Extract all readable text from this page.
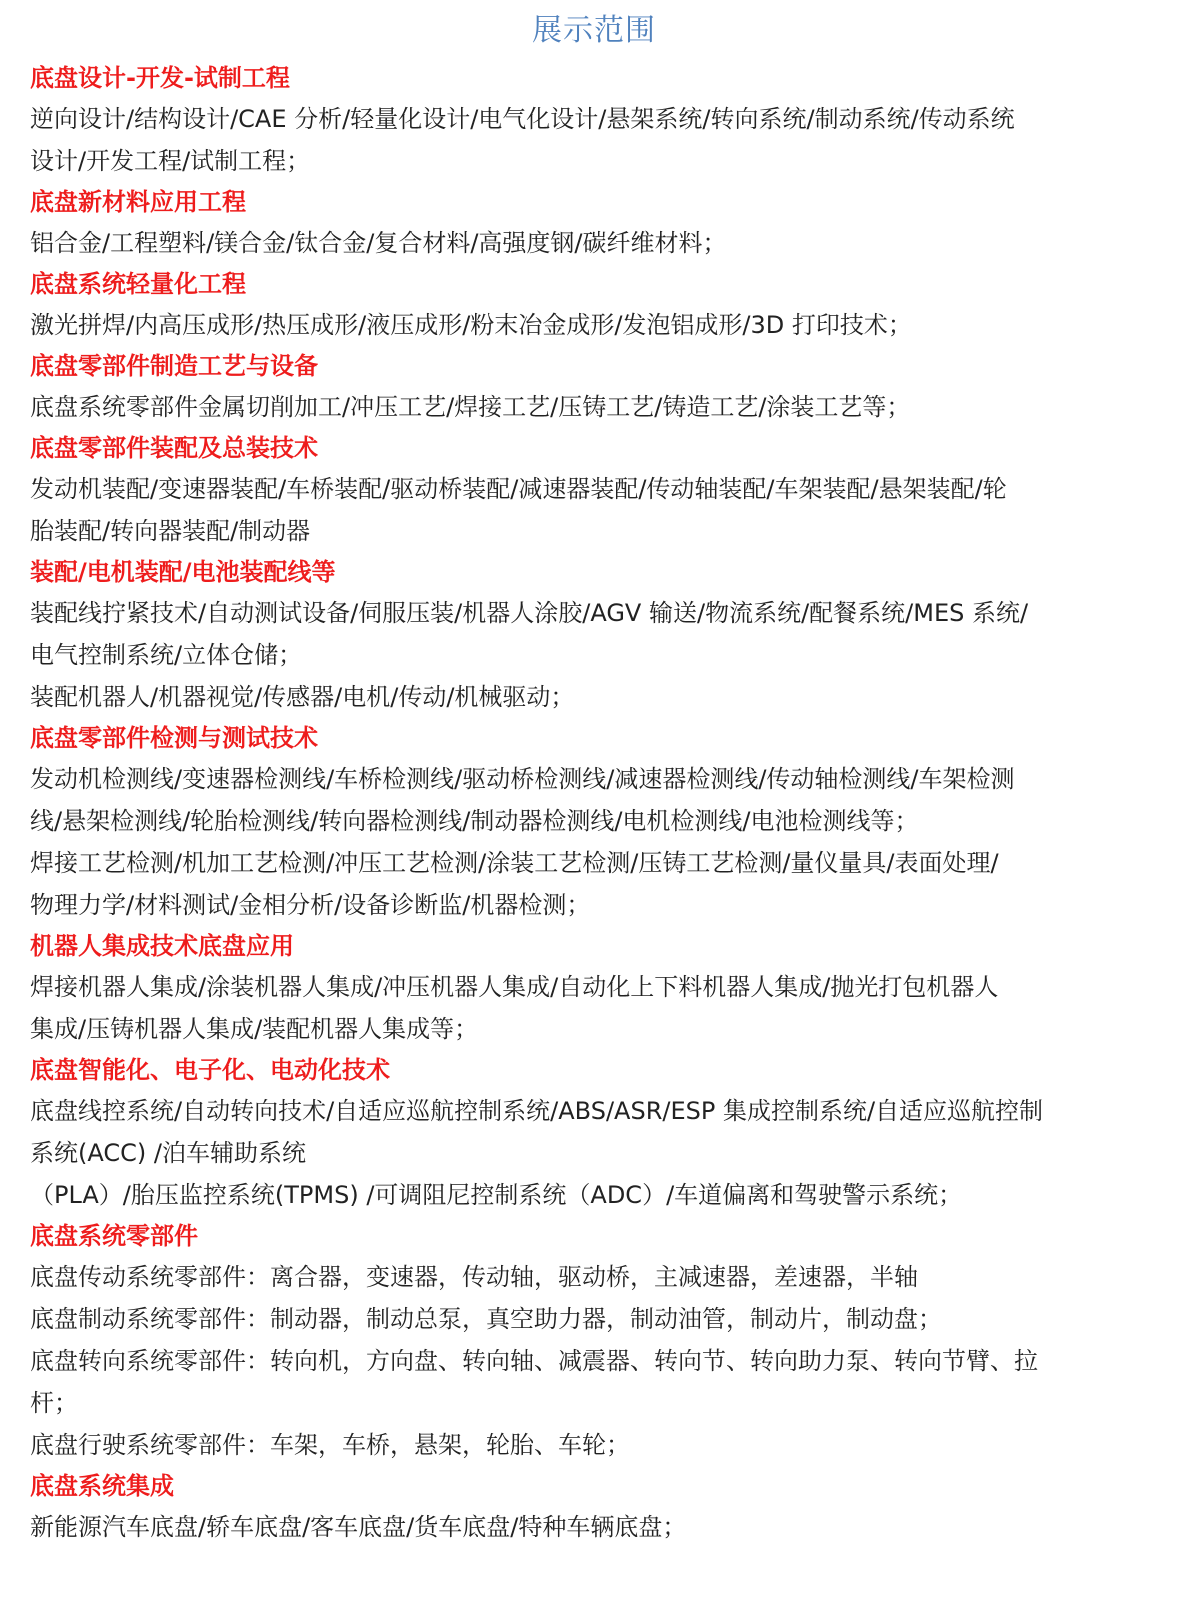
展示范围
底盘设计-开发-试制工程
逆向设计/结构设计/CAE 分析/轻量化设计/电气化设计/悬架系统/转向系统/制动系统/传动系统
设计/开发工程/试制工程；
底盘新材料应用工程
铝合金/工程塑料/镁合金/钛合金/复合材料/高强度钢/碳纤维材料；
底盘系统轻量化工程
激光拼焊/内高压成形/热压成形/液压成形/粉末冶金成形/发泡铝成形/3D 打印技术；
底盘零部件制造工艺与设备
底盘系统零部件金属切削加工/冲压工艺/焊接工艺/压铸工艺/铸造工艺/涂装工艺等；
底盘零部件装配及总装技术
发动机装配/变速器装配/车桥装配/驱动桥装配/减速器装配/传动轴装配/车架装配/悬架装配/轮
胎装配/转向器装配/制动器
装配/电机装配/电池装配线等
装配线拧紧技术/自动测试设备/伺服压装/机器人涂胶/AGV 输送/物流系统/配餐系统/MES 系统/
电气控制系统/立体仓储；
装配机器人/机器视觉/传感器/电机/传动/机械驱动；
底盘零部件检测与测试技术
发动机检测线/变速器检测线/车桥检测线/驱动桥检测线/减速器检测线/传动轴检测线/车架检测
线/悬架检测线/轮胎检测线/转向器检测线/制动器检测线/电机检测线/电池检测线等；
焊接工艺检测/机加工艺检测/冲压工艺检测/涂装工艺检测/压铸工艺检测/量仪量具/表面处理/
物理力学/材料测试/金相分析/设备诊断监/机器检测；
机器人集成技术底盘应用
焊接机器人集成/涂装机器人集成/冲压机器人集成/自动化上下料机器人集成/抛光打包机器人
集成/压铸机器人集成/装配机器人集成等；
底盘智能化、电子化、电动化技术
底盘线控系统/自动转向技术/自适应巡航控制系统/ABS/ASR/ESP 集成控制系统/自适应巡航控制
系统(ACC) /泊车辅助系统
（PLA）/胎压监控系统(TPMS) /可调阻尼控制系统（ADC）/车道偏离和驾驶警示系统；
底盘系统零部件
底盘传动系统零部件：离合器，变速器，传动轴，驱动桥，主减速器，差速器，半轴
底盘制动系统零部件：制动器，制动总泵，真空助力器，制动油管，制动片，制动盘；
底盘转向系统零部件：转向机，方向盘、转向轴、减震器、转向节、转向助力泵、转向节臂、拉
杆；
底盘行驶系统零部件：车架，车桥，悬架，轮胎、车轮；
底盘系统集成
新能源汽车底盘/轿车底盘/客车底盘/货车底盘/特种车辆底盘；
